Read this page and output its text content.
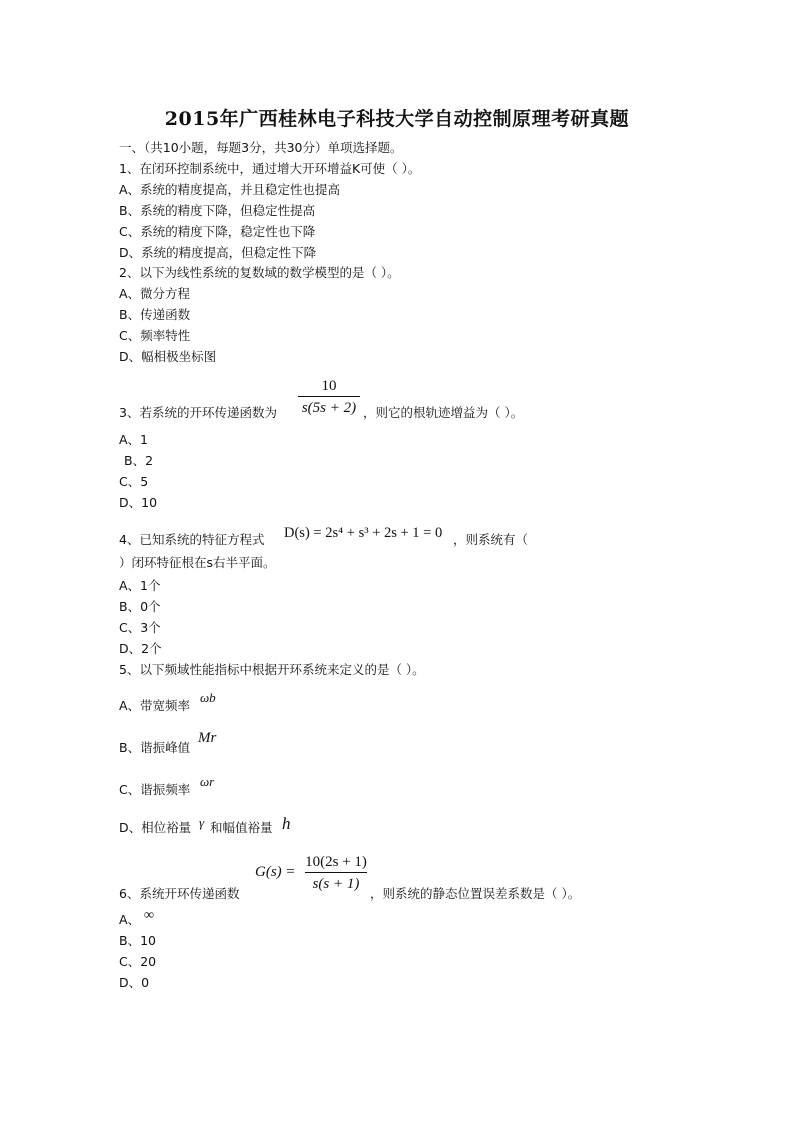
2015年广西桂林电子科技大学自动控制原理考研真题
一、（共10小题，每题3分，共30分）单项选择题。
1、在闭环控制系统中，通过增大开环增益K可使（ ）。
A、系统的精度提高，并且稳定性也提高
B、系统的精度下降，但稳定性提高
C、系统的精度下降，稳定性也下降
D、系统的精度提高，但稳定性下降
2、以下为线性系统的复数域的数学模型的是（ ）。
A、微分方程
B、传递函数
C、频率特性
D、幅相极坐标图
3、若系统的开环传递函数为
10
s(5s + 2) ，则它的根轨迹增益为（ ）。
A、1
B、2
C、5
D、10
4、已知系统的特征方程式 D(s) = 2s⁴ + s³ + 2s + 1 = 0 ，则系统有（
）闭环特征根在s右半平面。
A、1个
B、0个
C、3个
D、2个
5、以下频域性能指标中根据开环系统来定义的是（ ）。
A、带宽频率
ωb
B、谐振峰值
Mr
C、谐振频率
ωr
D、相位裕量 γ 和幅值裕量 h
6、系统开环传递函数
G(s) =
10(2s + 1)
s(s + 1)
，则系统的静态位置误差系数是（ ）。
A、 ∞
B、10
C、20
D、0
